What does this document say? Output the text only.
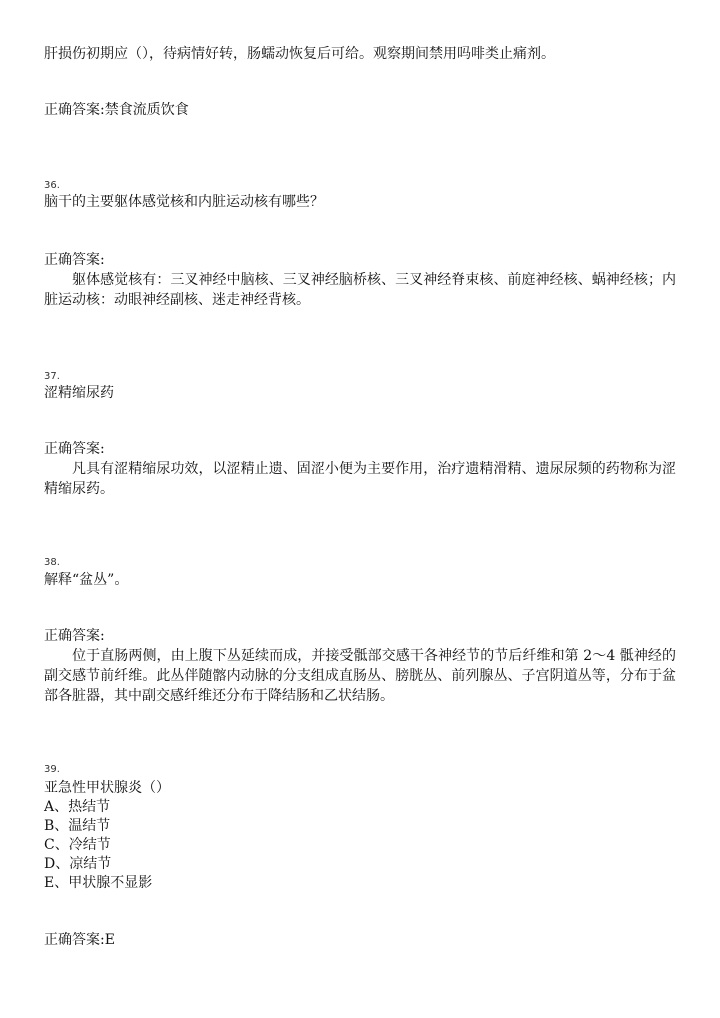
肝损伤初期应（），待病情好转，肠蠕动恢复后可给。观察期间禁用吗啡类止痛剂。

正确答案:禁食流质饮食

36.

脑干的主要躯体感觉核和内脏运动核有哪些？

正确答案:

躯体感觉核有：三叉神经中脑核、三叉神经脑桥核、三叉神经脊束核、前庭神经核、蜗神经核；内脏运动核：动眼神经副核、迷走神经背核。

37.

涩精缩尿药

正确答案:

凡具有涩精缩尿功效，以涩精止遗、固涩小便为主要作用，治疗遗精滑精、遗尿尿频的药物称为涩精缩尿药。

38.

解释“盆丛”。

正确答案:

位于直肠两侧，由上腹下丛延续而成，并接受骶部交感干各神经节的节后纤维和第 2～4 骶神经的副交感节前纤维。此丛伴随髂内动脉的分支组成直肠丛、膀胱丛、前列腺丛、子宫阴道丛等，分布于盆部各脏器，其中副交感纤维还分布于降结肠和乙状结肠。

39.

亚急性甲状腺炎（）

A、热结节

B、温结节

C、冷结节

D、凉结节

E、甲状腺不显影

正确答案:E
